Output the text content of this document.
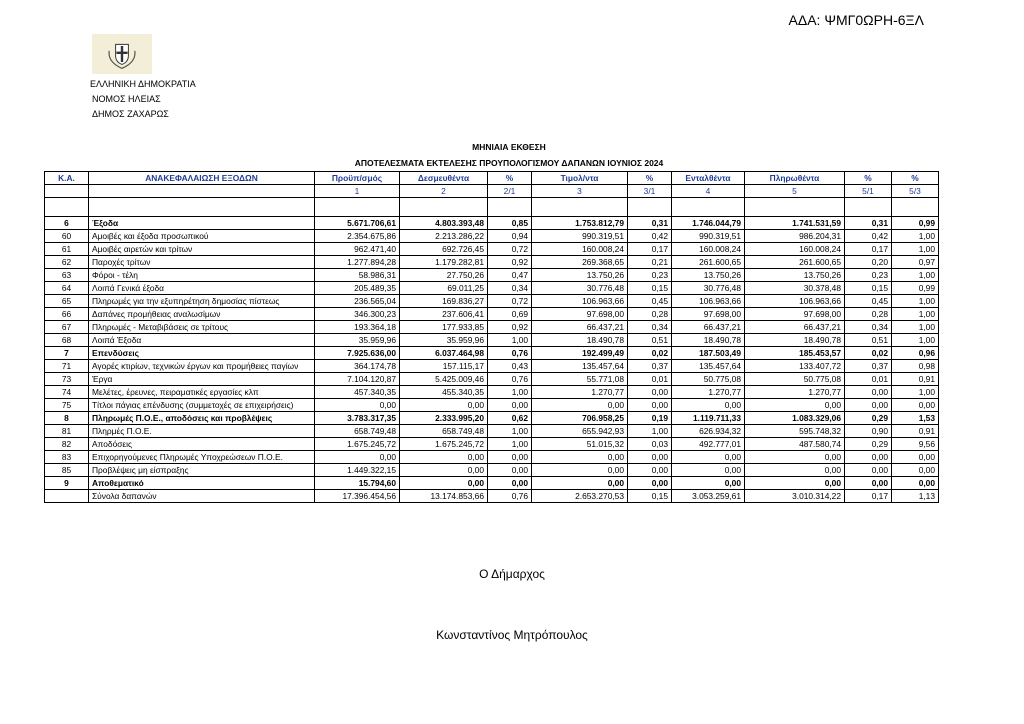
ΑΔΑ: ΨΜΓ0ΩΡΗ-6ΞΛ
ΕΛΛΗΝΙΚΗ ΔΗΜΟΚΡΑΤΙΑ
ΝΟΜΟΣ ΗΛΕΙΑΣ
ΔΗΜΟΣ ΖΑΧΑΡΩΣ
ΜΗΝΙΑΙΑ ΕΚΘΕΣΗ
ΑΠΟΤΕΛΕΣΜΑΤΑ ΕΚΤΕΛΕΣΗΣ ΠΡΟΥΠΟΛΟΓΙΣΜΟΥ ΔΑΠΑΝΩΝ ΙΟΥΝΙΟΣ 2024
Κ.Α.	ΑΝΑΚΕΦΑΛΑΙΩΣΗ ΕΞΟΔΩΝ	Προϋπ/σμός	Δεσμευθέντα	%	Τιμολ/ντα	%	Ενταλθέντα	Πληρωθέντα	%	%
		1	2	2/1	3	3/1	4	5	5/1	5/3

6	Έξοδα	5.671.706,61	4.803.393,48	0,85	1.753.812,79	0,31	1.746.044,79	1.741.531,59	0,31	0,99
60	Αμοιβές και έξοδα προσωπικού	2.354.675,86	2.213.286,22	0,94	990.319,51	0,42	990.319,51	986.204,31	0,42	1,00
61	Αμοιβές αιρετών και τρίτων	962.471,40	692.726,45	0,72	160.008,24	0,17	160.008,24	160.008,24	0,17	1,00
62	Παροχές τρίτων	1.277.894,28	1.179.282,81	0,92	269.368,65	0,21	261.600,65	261.600,65	0,20	0,97
63	Φόροι - τέλη	58.986,31	27.750,26	0,47	13.750,26	0,23	13.750,26	13.750,26	0,23	1,00
64	Λοιπά Γενικά έξοδα	205.489,35	69.011,25	0,34	30.776,48	0,15	30.776,48	30.378,48	0,15	0,99
65	Πληρωμές για την εξυπηρέτηση δημοσίας πίστεως	236.565,04	169.836,27	0,72	106.963,66	0,45	106.963,66	106.963,66	0,45	1,00
66	Δαπάνες προμήθειας αναλωσίμων	346.300,23	237.606,41	0,69	97.698,00	0,28	97.698,00	97.698,00	0,28	1,00
67	Πληρωμές - Μεταβιβάσεις σε τρίτους	193.364,18	177.933,85	0,92	66.437,21	0,34	66.437,21	66.437,21	0,34	1,00
68	Λοιπά Έξοδα	35.959,96	35.959,96	1,00	18.490,78	0,51	18.490,78	18.490,78	0,51	1,00
7	Επενδύσεις	7.925.636,00	6.037.464,98	0,76	192.499,49	0,02	187.503,49	185.453,57	0,02	0,96
71	Αγορές κτιρίων, τεχνικών έργων και προμήθειες παγίων	364.174,78	157.115,17	0,43	135.457,64	0,37	135.457,64	133.407,72	0,37	0,98
73	Έργα	7.104.120,87	5.425.009,46	0,76	55.771,08	0,01	50.775,08	50.775,08	0,01	0,91
74	Μελέτες, έρευνες, πειραματικές εργασίες κλπ	457.340,35	455.340,35	1,00	1.270,77	0,00	1.270,77	1.270,77	0,00	1,00
75	Τίτλοι πάγιας επένδυσης (συμμετοχές σε επιχειρήσεις)	0,00	0,00	0,00	0,00	0,00	0,00	0,00	0,00	0,00
8	Πληρωμές Π.Ο.Ε., αποδόσεις και προβλέψεις	3.783.317,35	2.333.995,20	0,62	706.958,25	0,19	1.119.711,33	1.083.329,06	0,29	1,53
81	Πληρμές Π.Ο.Ε.	658.749,48	658.749,48	1,00	655.942,93	1,00	626.934,32	595.748,32	0,90	0,91
82	Αποδόσεις	1.675.245,72	1.675.245,72	1,00	51.015,32	0,03	492.777,01	487.580,74	0,29	9,56
83	Επιχορηγούμενες Πληρωμές Υποχρεώσεων Π.Ο.Ε.	0,00	0,00	0,00	0,00	0,00	0,00	0,00	0,00	0,00
85	Προβλέψεις μη είσπραξης	1.449.322,15	0,00	0,00	0,00	0,00	0,00	0,00	0,00	0,00
9	Αποθεματικό	15.794,60	0,00	0,00	0,00	0,00	0,00	0,00	0,00	0,00
	Σύνολα δαπανών	17.396.454,56	13.174.853,66	0,76	2.653.270,53	0,15	3.053.259,61	3.010.314,22	0,17	1,13
Ο Δήμαρχος
Κωνσταντίνος Μητρόπουλος
